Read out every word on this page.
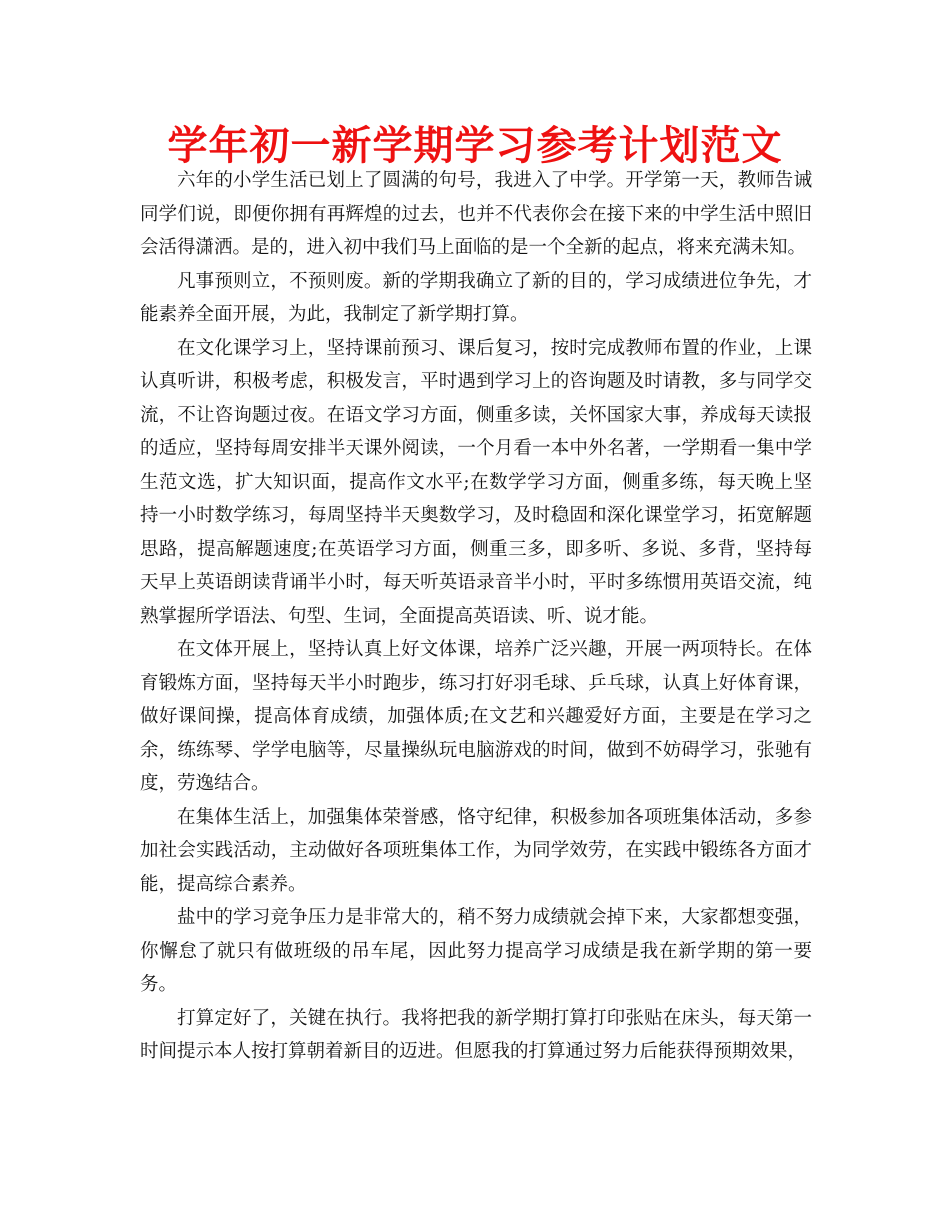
学年初一新学期学习参考计划范文

六年的小学生活已划上了圆满的句号，我进入了中学。开学第一天，教师告诫同学们说，即便你拥有再辉煌的过去，也并不代表你会在接下来的中学生活中照旧会活得潇洒。是的，进入初中我们马上面临的是一个全新的起点，将来充满未知。

凡事预则立，不预则废。新的学期我确立了新的目的，学习成绩进位争先，才能素养全面开展，为此，我制定了新学期打算。

在文化课学习上，坚持课前预习、课后复习，按时完成教师布置的作业，上课认真听讲，积极考虑，积极发言，平时遇到学习上的咨询题及时请教，多与同学交流，不让咨询题过夜。在语文学习方面，侧重多读，关怀国家大事，养成每天读报的适应，坚持每周安排半天课外阅读，一个月看一本中外名著，一学期看一集中学生范文选，扩大知识面，提高作文水平;在数学学习方面，侧重多练，每天晚上坚持一小时数学练习，每周坚持半天奥数学习，及时稳固和深化课堂学习，拓宽解题思路，提高解题速度;在英语学习方面，侧重三多，即多听、多说、多背，坚持每天早上英语朗读背诵半小时，每天听英语录音半小时，平时多练惯用英语交流，纯熟掌握所学语法、句型、生词，全面提高英语读、听、说才能。

在文体开展上，坚持认真上好文体课，培养广泛兴趣，开展一两项特长。在体育锻炼方面，坚持每天半小时跑步，练习打好羽毛球、乒乓球，认真上好体育课，做好课间操，提高体育成绩，加强体质;在文艺和兴趣爱好方面，主要是在学习之余，练练琴、学学电脑等，尽量操纵玩电脑游戏的时间，做到不妨碍学习，张驰有度，劳逸结合。

在集体生活上，加强集体荣誉感，恪守纪律，积极参加各项班集体活动，多参加社会实践活动，主动做好各项班集体工作，为同学效劳，在实践中锻练各方面才能，提高综合素养。

盐中的学习竞争压力是非常大的，稍不努力成绩就会掉下来，大家都想变强，你懈怠了就只有做班级的吊车尾，因此努力提高学习成绩是我在新学期的第一要务。

打算定好了，关键在执行。我将把我的新学期打算打印张贴在床头，每天第一时间提示本人按打算朝着新目的迈进。但愿我的打算通过努力后能获得预期效果，
